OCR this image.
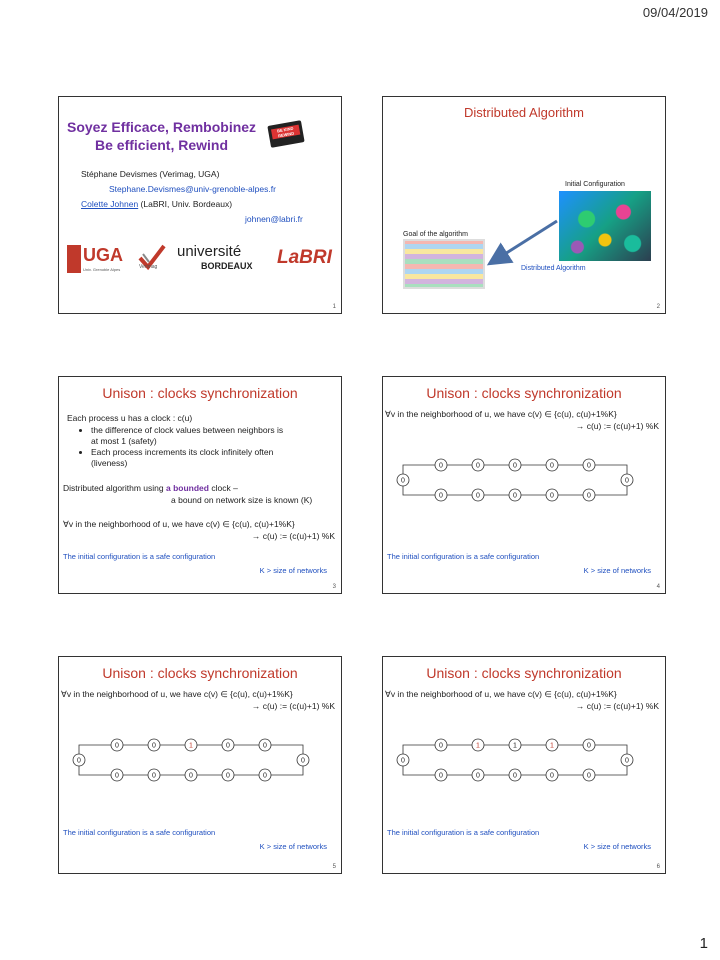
09/04/2019
Soyez Efficace, Rembobinez
Be efficient, Rewind
BE KIND REWIND
Stéphane Devismes (Verimag, UGA)
Stephane.Devismes@univ-grenoble-alpes.fr
Colette Johnen (LaBRI, Univ. Bordeaux)
johnen@labri.fr
UGA
Univ. Grenoble Alpes	Verimag
université
BORDEAUX LaBRI
1
Distributed Algorithm
Initial Configuration
Goal of the algorithm
Distributed Algorithm
2
Unison : clocks synchronization
Each process u has a clock : c(u)
• the difference of clock values between neighbors is
at most 1 (safety)
• Each process increments its clock infinitely often
(liveness)
Distributed algorithm using a bounded clock –
a bound on network size is known (K)
∀v in the neighborhood of u, we have c(v) ∈ {c(u), c(u)+1%K}
→ c(u) := (c(u)+1) %K
The initial configuration is a safe configuration
K > size of networks
3
Unison : clocks synchronization
∀v in the neighborhood of u, we have c(v) ∈ {c(u), c(u)+1%K}
→ c(u) := (c(u)+1) %K
0	0	0	0	0
0	0	0	0	0
0	0
The initial configuration is a safe configuration
K > size of networks
4
Unison : clocks synchronization
∀v in the neighborhood of u, we have c(v) ∈ {c(u), c(u)+1%K}
→ c(u) := (c(u)+1) %K
0	0	1	0	0
0	0	0	0	0
0	0
The initial configuration is a safe configuration
K > size of networks
5
Unison : clocks synchronization
∀v in the neighborhood of u, we have c(v) ∈ {c(u), c(u)+1%K}
→ c(u) := (c(u)+1) %K
0	1	1	1	0
0	0	0	0	0
0	0
The initial configuration is a safe configuration
K > size of networks
6
1
